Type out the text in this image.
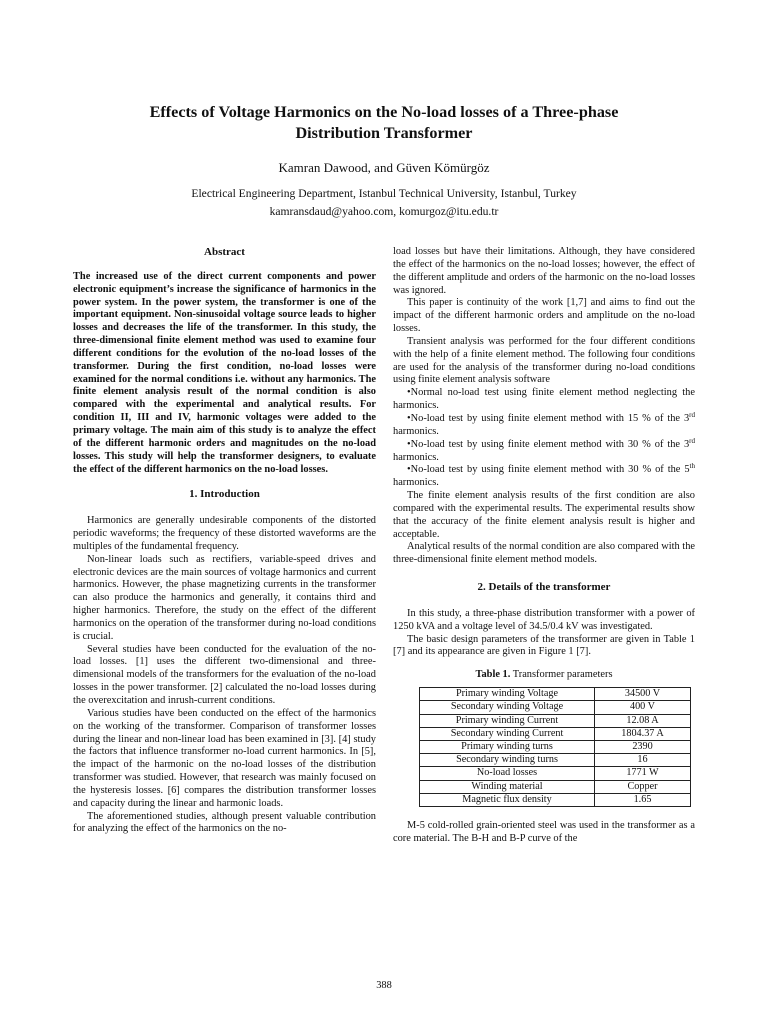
Effects of Voltage Harmonics on the No-load losses of a Three-phase
Distribution Transformer
Kamran Dawood, and Güven Kömürgöz
Electrical Engineering Department, Istanbul Technical University, Istanbul, Turkey
kamransdaud@yahoo.com, komurgoz@itu.edu.tr
Abstract

The increased use of the direct current components and power electronic equipment’s increase the significance of harmonics in the power system. In the power system, the transformer is one of the important equipment. Non-sinusoidal voltage source leads to higher losses and decreases the life of the transformer. In this study, the three-dimensional finite element method was used to examine four different conditions for the evolution of the no-load losses of the transformer. During the first condition, no-load losses were examined for the normal conditions i.e. without any harmonics. The finite element analysis result of the normal condition is also compared with the experimental and analytical results. For condition II, III and IV, harmonic voltages were added to the primary voltage. The main aim of this study is to analyze the effect of the different harmonic orders and magnitudes on the no-load losses. This study will help the transformer designers, to evaluate the effect of the different harmonics on the no-load losses.

1. Introduction

Harmonics are generally undesirable components of the distorted periodic waveforms; the frequency of these distorted waveforms are the multiples of the fundamental frequency.

Non-linear loads such as rectifiers, variable-speed drives and electronic devices are the main sources of voltage harmonics and current harmonics. However, the phase magnetizing currents in the transformer can also produce the harmonics and generally, it contains third and higher harmonics. Therefore, the study on the effect of the different harmonics on the operation of the transformer during no-load conditions is crucial.

Several studies have been conducted for the evaluation of the no-load losses. [1] uses the different two-dimensional and three-dimensional models of the transformers for the evaluation of the no-load losses in the power transformer. [2] calculated the no-load losses during the overexcitation and inrush-current conditions.

Various studies have been conducted on the effect of the harmonics on the working of the transformer. Comparison of transformer losses during the linear and non-linear load has been examined in [3]. [4] study the factors that influence transformer no-load current harmonics. In [5], the impact of the harmonic on the no-load losses of the distribution transformer was studied. However, that research was mainly focused on the hysteresis losses. [6] compares the distribution transformer losses and capacity during the linear and harmonic loads.

The aforementioned studies, although present valuable contribution for analyzing the effect of the harmonics on the no-

load losses but have their limitations. Although, they have considered the effect of the harmonics on the no-load losses; however, the effect of the different amplitude and orders of the harmonic on the no-load losses was ignored.

This paper is continuity of the work [1,7] and aims to find out the impact of the different harmonic orders and amplitude on the no-load losses.

Transient analysis was performed for the four different conditions with the help of a finite element method. The following four conditions are used for the analysis of the transformer during no-load conditions using finite element analysis software

•Normal no-load test using finite element method neglecting the harmonics.

•No-load test by using finite element method with 15 % of the 3rd harmonics.

•No-load test by using finite element method with 30 % of the 3rd harmonics.

•No-load test by using finite element method with 30 % of the 5th harmonics.

The finite element analysis results of the first condition are also compared with the experimental results. The experimental results show that the accuracy of the finite element analysis result is higher and acceptable.

Analytical results of the normal condition are also compared with the three-dimensional finite element method models.

2. Details of the transformer

In this study, a three-phase distribution transformer with a power of 1250 kVA and a voltage level of 34.5/0.4 kV was investigated.

The basic design parameters of the transformer are given in Table 1 [7] and its appearance are given in Figure 1 [7].

Table 1. Transformer parameters
Primary winding Voltage	34500 V
Secondary winding Voltage	400 V
Primary winding Current	12.08 A
Secondary winding Current	1804.37 A
Primary winding turns	2390
Secondary winding turns	16
No-load losses	1771 W
Winding material	Copper
Magnetic flux density	1.65

M-5 cold-rolled grain-oriented steel was used in the transformer as a core material. The B-H and B-P curve of the

388
